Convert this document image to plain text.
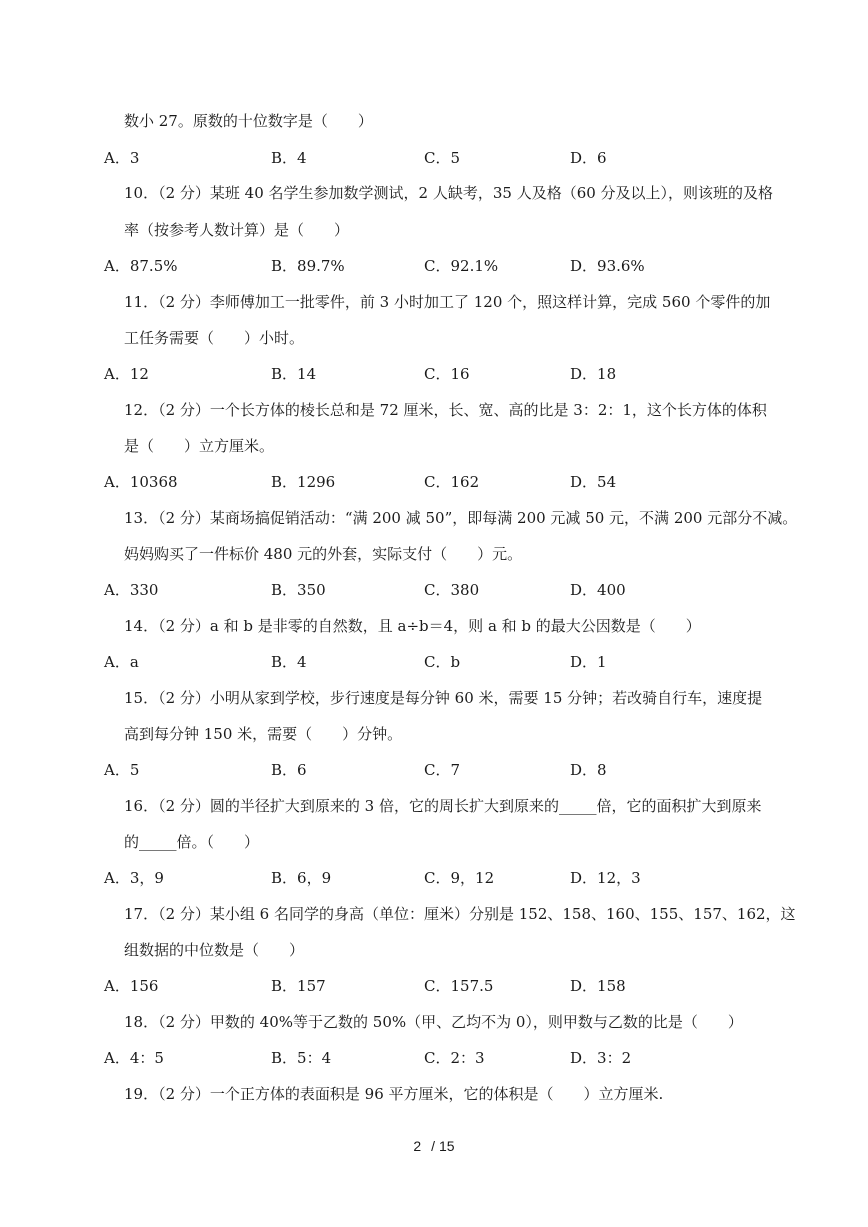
数小 27。原数的十位数字是（　　）
A．3	B．4	C．5	D．6
10．（2 分）某班 40 名学生参加数学测试，2 人缺考，35 人及格（60 分及以上），则该班的及格
率（按参考人数计算）是（　　）
A．87.5%	B．89.7%	C．92.1%	D．93.6%
11．（2 分）李师傅加工一批零件，前 3 小时加工了 120 个，照这样计算，完成 560 个零件的加
工任务需要（　　）小时。
A．12	B．14	C．16	D．18
12．（2 分）一个长方体的棱长总和是 72 厘米，长、宽、高的比是 3：2：1，这个长方体的体积
是（　　）立方厘米。
A．10368	B．1296	C．162	D．54
13．（2 分）某商场搞促销活动：“满 200 减 50”，即每满 200 元减 50 元，不满 200 元部分不减。
妈妈购买了一件标价 480 元的外套，实际支付（　　）元。
A．330	B．350	C．380	D．400
14．（2 分）a 和 b 是非零的自然数，且 a÷b＝4，则 a 和 b 的最大公因数是（　　）
A．a	B．4	C．b	D．1
15．（2 分）小明从家到学校，步行速度是每分钟 60 米，需要 15 分钟；若改骑自行车，速度提
高到每分钟 150 米，需要（　　）分钟。
A．5	B．6	C．7	D．8
16．（2 分）圆的半径扩大到原来的 3 倍，它的周长扩大到原来的_____倍，它的面积扩大到原来
的_____倍。（　　）
A．3，9	B．6，9	C．9，12	D．12，3
17．（2 分）某小组 6 名同学的身高（单位：厘米）分别是 152、158、160、155、157、162，这
组数据的中位数是（　　）
A．156	B．157	C．157.5	D．158
18．（2 分）甲数的 40%等于乙数的 50%（甲、乙均不为 0），则甲数与乙数的比是（　　）
A．4：5	B．5：4	C．2：3	D．3：2
19．（2 分）一个正方体的表面积是 96 平方厘米，它的体积是（　　）立方厘米.
2 / 15
